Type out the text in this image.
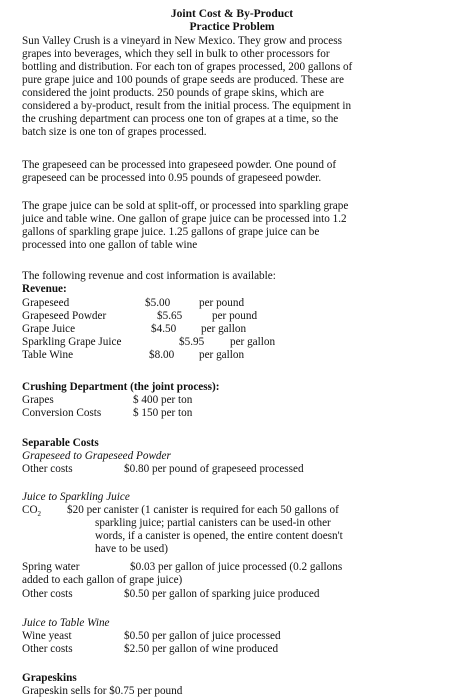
Joint Cost & By-Product
Practice Problem
Sun Valley Crush is a vineyard in New Mexico. They grow and process
grapes into beverages, which they sell in bulk to other processors for
bottling and distribution. For each ton of grapes processed, 200 gallons of
pure grape juice and 100 pounds of grape seeds are produced. These are
considered the joint products. 250 pounds of grape skins, which are
considered a by-product, result from the initial process. The equipment in
the crushing department can process one ton of grapes at a time, so the
batch size is one ton of grapes processed.
The grapeseed can be processed into grapeseed powder. One pound of
grapeseed can be processed into 0.95 pounds of grapeseed powder.
The grape juice can be sold at split-off, or processed into sparkling grape
juice and table wine. One gallon of grape juice can be processed into 1.2
gallons of sparkling grape juice. 1.25 gallons of grape juice can be
processed into one gallon of table wine
The following revenue and cost information is available:
Revenue:
Grapeseed	$5.00	per pound
Grapeseed Powder	$5.65	per pound
Grape Juice	$4.50 per gallon
Sparkling Grape Juice	$5.95 per gallon
Table Wine	$8.00 per gallon
Crushing Department (the joint process):
Grapes	$ 400 per ton
Conversion Costs	$ 150 per ton
Separable Costs
Grapeseed to Grapeseed Powder
Other costs	$0.80 per pound of grapeseed processed
Juice to Sparkling Juice
$CO_2$ $20 per canister (1 canister is required for each 50 gallons of
sparkling juice; partial canisters can be used-in other
words, if a canister is opened, the entire content doesn't
have to be used)
Spring water	$0.03 per gallon of juice processed (0.2 gallons
added to each gallon of grape juice)
Other costs	$0.50 per gallon of sparking juice produced
Juice to Table Wine
Wine yeast	$0.50 per gallon of juice processed
Other costs	$2.50 per gallon of wine produced
Grapeskins
Grapeskin sells for $0.75 per pound
